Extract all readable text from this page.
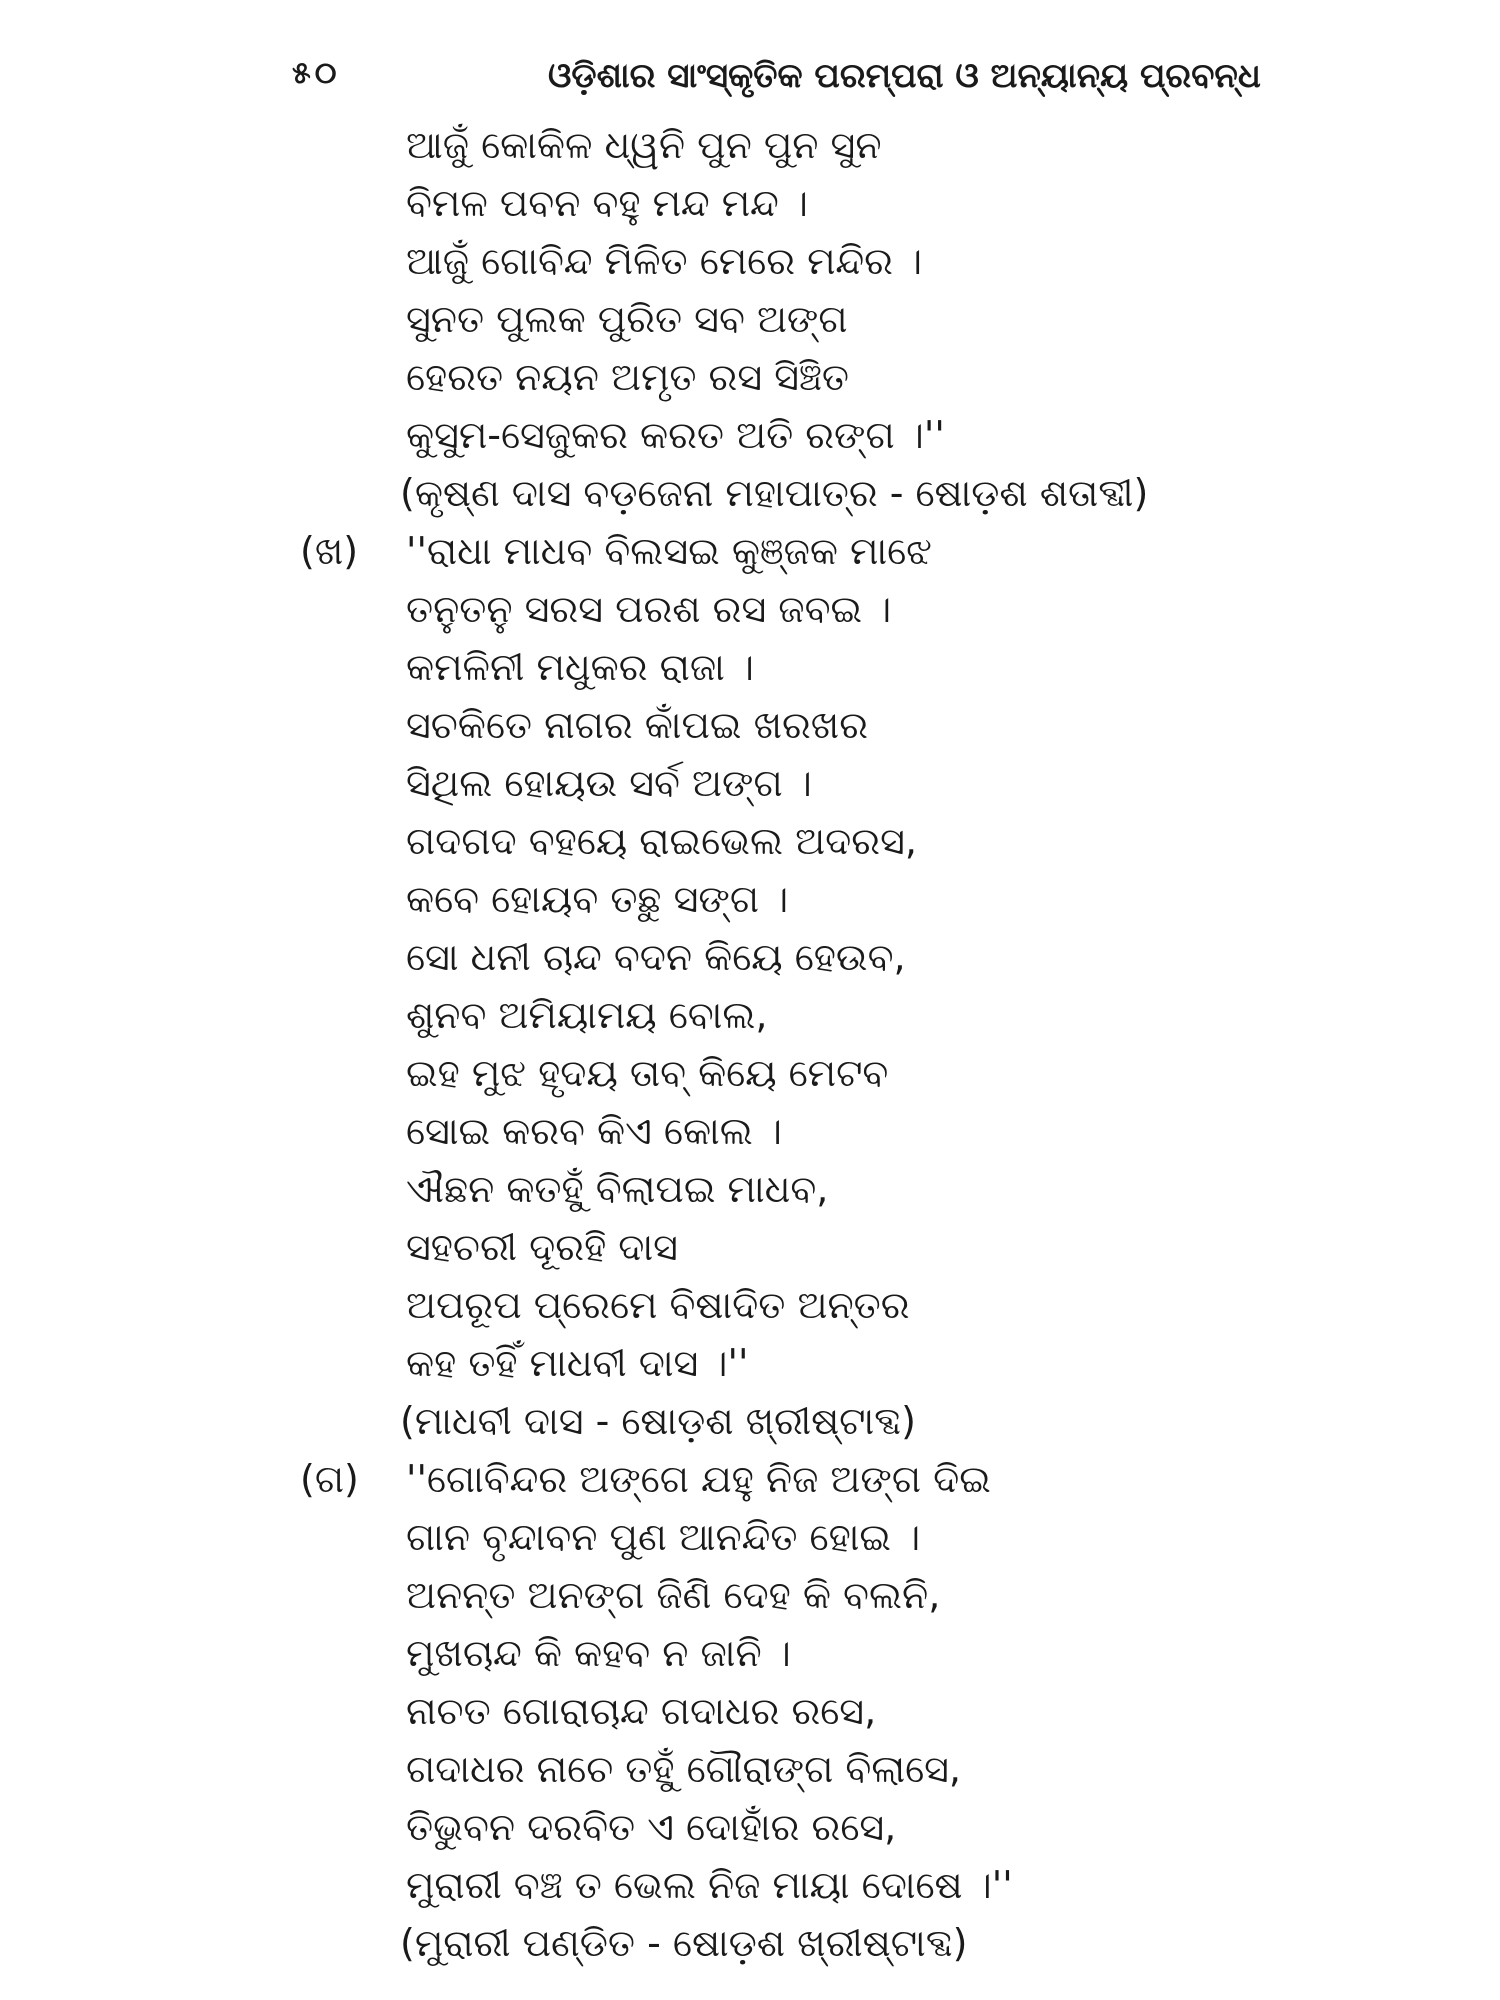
୫୦	ଓଡ଼ିଶାର ସାଂସ୍କୃତିକ ପରମ୍ପରା ଓ ଅନ୍ୟାନ୍ୟ ପ୍ରବନ୍ଧ
ଆଜୁଁ କୋକିଳ ଧ୍ୱନି ପୁନ ପୁନ ସୁନ
ବିମଳ ପବନ ବହୁ ମନ୍ଦ ମନ୍ଦ ।
ଆଜୁଁ ଗୋବିନ୍ଦ ମିଳିତ ମେରେ ମନ୍ଦିର ।
ସୁନତ ପୁଲକ ପୁରିତ ସବ ଅଙ୍ଗ
ହେରତ ନୟନ ଅମୃତ ରସ ସିଞ୍ଚିତ
କୁସୁମ-ସେଜୁକର କରତ ଅତି ରଙ୍ଗ ।''
(କୃଷ୍ଣ ଦାସ ବଡ଼ଜେନା ମହାପାତ୍ର - ଷୋଡ଼ଶ ଶତାବ୍ଦୀ)
(ଖ)	''ରାଧା ମାଧବ ବିଲସଇ କୁଞ୍ଜକ ମାଝେ
ତନୁତନୁ ସରସ ପରଶ ରସ ଜବଇ ।
କମଳିନୀ ମଧୁକର ରାଜା ।
ସଚକିତେ ନାଗର କାଁପଇ ଖରଖର
ସିଥିଲ ହୋୟଉ ସର୍ବ ଅଙ୍ଗ ।
ଗଦଗଦ ବହୟେ ରାଇଭେଲ ଅଦରସ,
କବେ ହୋୟବ ତଛୁ ସଙ୍ଗ ।
ସୋ ଧନୀ ଚାନ୍ଦ ବଦନ କିୟେ ହେଉବ,
ଶୁନବ ଅମିୟାମୟ ବୋଲ,
ଇହ ମୁଝ ହୃଦୟ ତାବ୍ କିୟେ ମେଟବ
ସୋଇ କରବ କିଏ କୋଲ ।
ଐଛନ କତହୁଁ ବିଲାପଇ ମାଧବ,
ସହଚରୀ ଦୂରହି ଦାସ
ଅପରୂପ ପ୍ରେମେ ବିଷାଦିତ ଅନ୍ତର
କହ ତହିଁ ମାଧବୀ ଦାସ ।''
(ମାଧବୀ ଦାସ - ଷୋଡ଼ଶ ଖ୍ରୀଷ୍ଟାବ୍ଦ)
(ଗ)	''ଗୋବିନ୍ଦର ଅଙ୍ଗେ ଯହୁ ନିଜ ଅଙ୍ଗ ଦିଇ
ଗାନ ବୃନ୍ଦାବନ ପୁଣ ଆନନ୍ଦିତ ହୋଇ ।
ଅନନ୍ତ ଅନଙ୍ଗ ଜିଣି ଦେହ କି ବଲନି,
ମୁଖଚାନ୍ଦ କି କହବ ନ ଜାନି ।
ନାଚତ ଗୋରାଚାନ୍ଦ ଗଦାଧର ରସେ,
ଗଦାଧର ନାଚେ ତହୁଁ ଗୌରାଙ୍ଗ ବିଲାସେ,
ତିଭୁବନ ଦରବିତ ଏ ଦୋହାଁର ରସେ,
ମୁରାରୀ ବଞ୍ଚ ତ ଭେଲ ନିଜ ମାୟା ଦୋଷେ ।''
(ମୁରାରୀ ପଣ୍ଡିତ - ଷୋଡ଼ଶ ଖ୍ରୀଷ୍ଟାବ୍ଦ)
